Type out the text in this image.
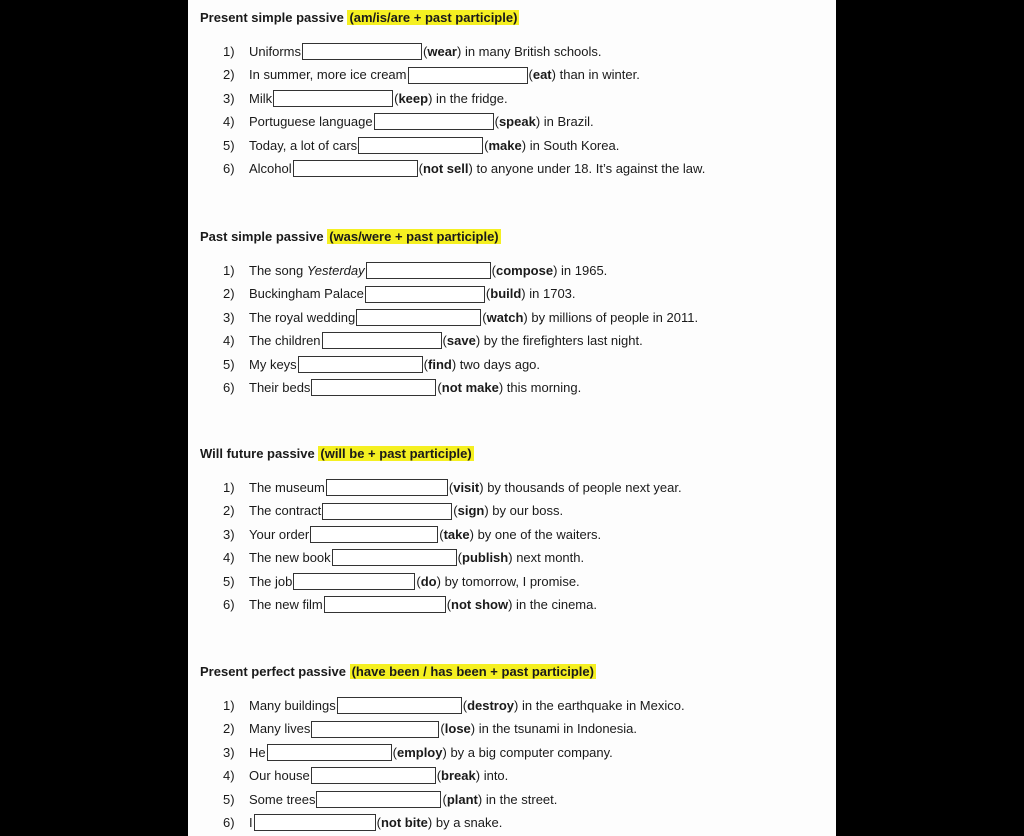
Present simple passive (am/is/are + past participle)
1)	Uniforms	(wear) in many British schools.
2)	In summer, more ice cream	(eat) than in winter.
3)	Milk	(keep) in the fridge.
4)	Portuguese language	(speak) in Brazil.
5)	Today, a lot of cars	(make) in South Korea.
6)	Alcohol	(not sell) to anyone under 18. It’s against the law.
Past simple passive (was/were + past participle)
1)	The song Yesterday	(compose) in 1965.
2)	Buckingham Palace	(build) in 1703.
3)	The royal wedding	(watch) by millions of people in 2011.
4)	The children	(save) by the firefighters last night.
5)	My keys	(find) two days ago.
6)	Their beds	(not make) this morning.
Will future passive (will be + past participle)
1)	The museum	(visit) by thousands of people next year.
2)	The contract	(sign) by our boss.
3)	Your order	(take) by one of the waiters.
4)	The new book	(publish) next month.
5)	The job	(do) by tomorrow, I promise.
6)	The new film	(not show) in the cinema.
Present perfect passive (have been / has been + past participle)
1)	Many buildings	(destroy) in the earthquake in Mexico.
2)	Many lives	(lose) in the tsunami in Indonesia.
3)	He	(employ) by a big computer company.
4)	Our house	(break) into.
5)	Some trees	(plant) in the street.
6)	I	(not bite) by a snake.
